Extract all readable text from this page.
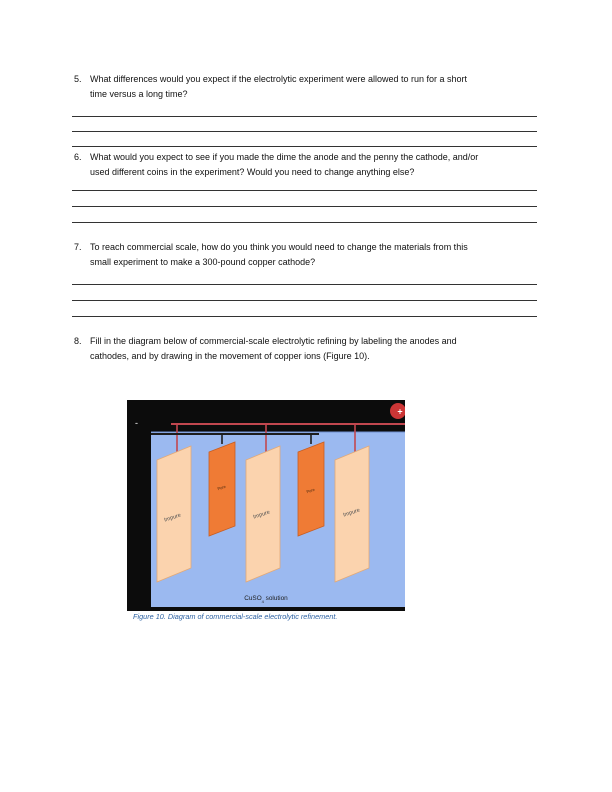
5. What differences would you expect if the electrolytic experiment were allowed to run for a short
time versus a long time?
6. What would you expect to see if you made the dime the anode and the penny the cathode, and/or
used different coins in the experiment? Would you need to change anything else?
7. To reach commercial scale, how do you think you would need to change the materials from this
small experiment to make a 300-pound copper cathode?
8. Fill in the diagram below of commercial-scale electrolytic refining by labeling the anodes and
cathodes, and by drawing in the movement of copper ions (Figure 10).
Impure
Pure
Impure
Pure
Impure
CuSO$_4$ solution
-
+
Figure 10. Diagram of commercial-scale electrolytic refinement.
